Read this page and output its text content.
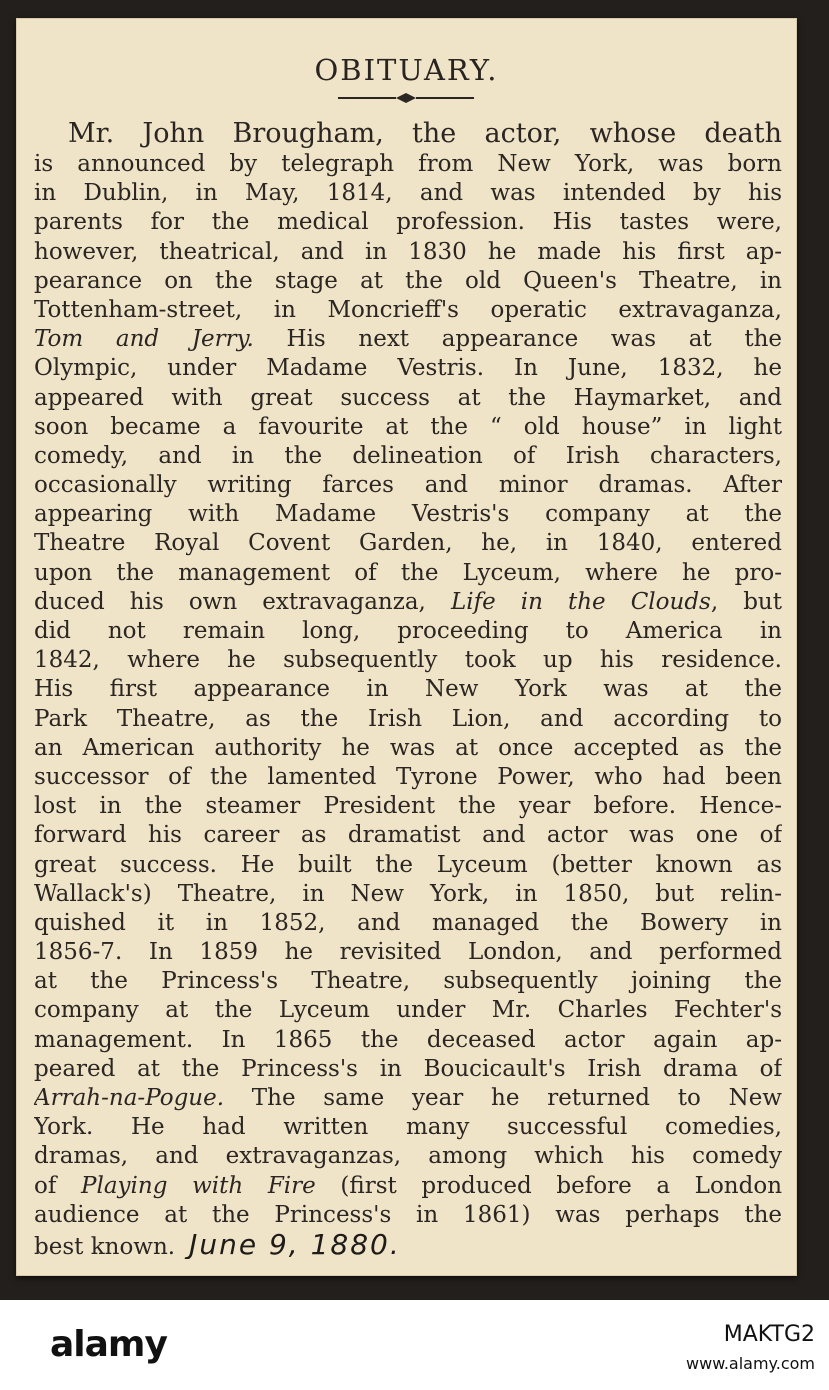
OBITUARY.
Mr. John Brougham, the actor, whose death
is announced by telegraph from New York, was born
in Dublin, in May, 1814, and was intended by his
parents for the medical profession. His tastes were,
however, theatrical, and in 1830 he made his first ap-
pearance on the stage at the old Queen's Theatre, in
Tottenham-street, in Moncrieff's operatic extravaganza,
Tom and Jerry. His next appearance was at the
Olympic, under Madame Vestris. In June, 1832, he
appeared with great success at the Haymarket, and
soon became a favourite at the “ old house” in light
comedy, and in the delineation of Irish characters,
occasionally writing farces and minor dramas. After
appearing with Madame Vestris's company at the
Theatre Royal Covent Garden, he, in 1840, entered
upon the management of the Lyceum, where he pro-
duced his own extravaganza, Life in the Clouds, but
did not remain long, proceeding to America in
1842, where he subsequently took up his residence.
His first appearance in New York was at the
Park Theatre, as the Irish Lion, and according to
an American authority he was at once accepted as the
successor of the lamented Tyrone Power, who had been
lost in the steamer President the year before. Hence-
forward his career as dramatist and actor was one of
great success. He built the Lyceum (better known as
Wallack's) Theatre, in New York, in 1850, but relin-
quished it in 1852, and managed the Bowery in
1856-7. In 1859 he revisited London, and performed
at the Princess's Theatre, subsequently joining the
company at the Lyceum under Mr. Charles Fechter's
management. In 1865 the deceased actor again ap-
peared at the Princess's in Boucicault's Irish drama of
Arrah-na-Pogue. The same year he returned to New
York. He had written many successful comedies,
dramas, and extravaganzas, among which his comedy
of Playing with Fire (first produced before a London
audience at the Princess's in 1861) was perhaps the
best known. June 9, 1880.
alamy	MAKTG2
www.alamy.com
